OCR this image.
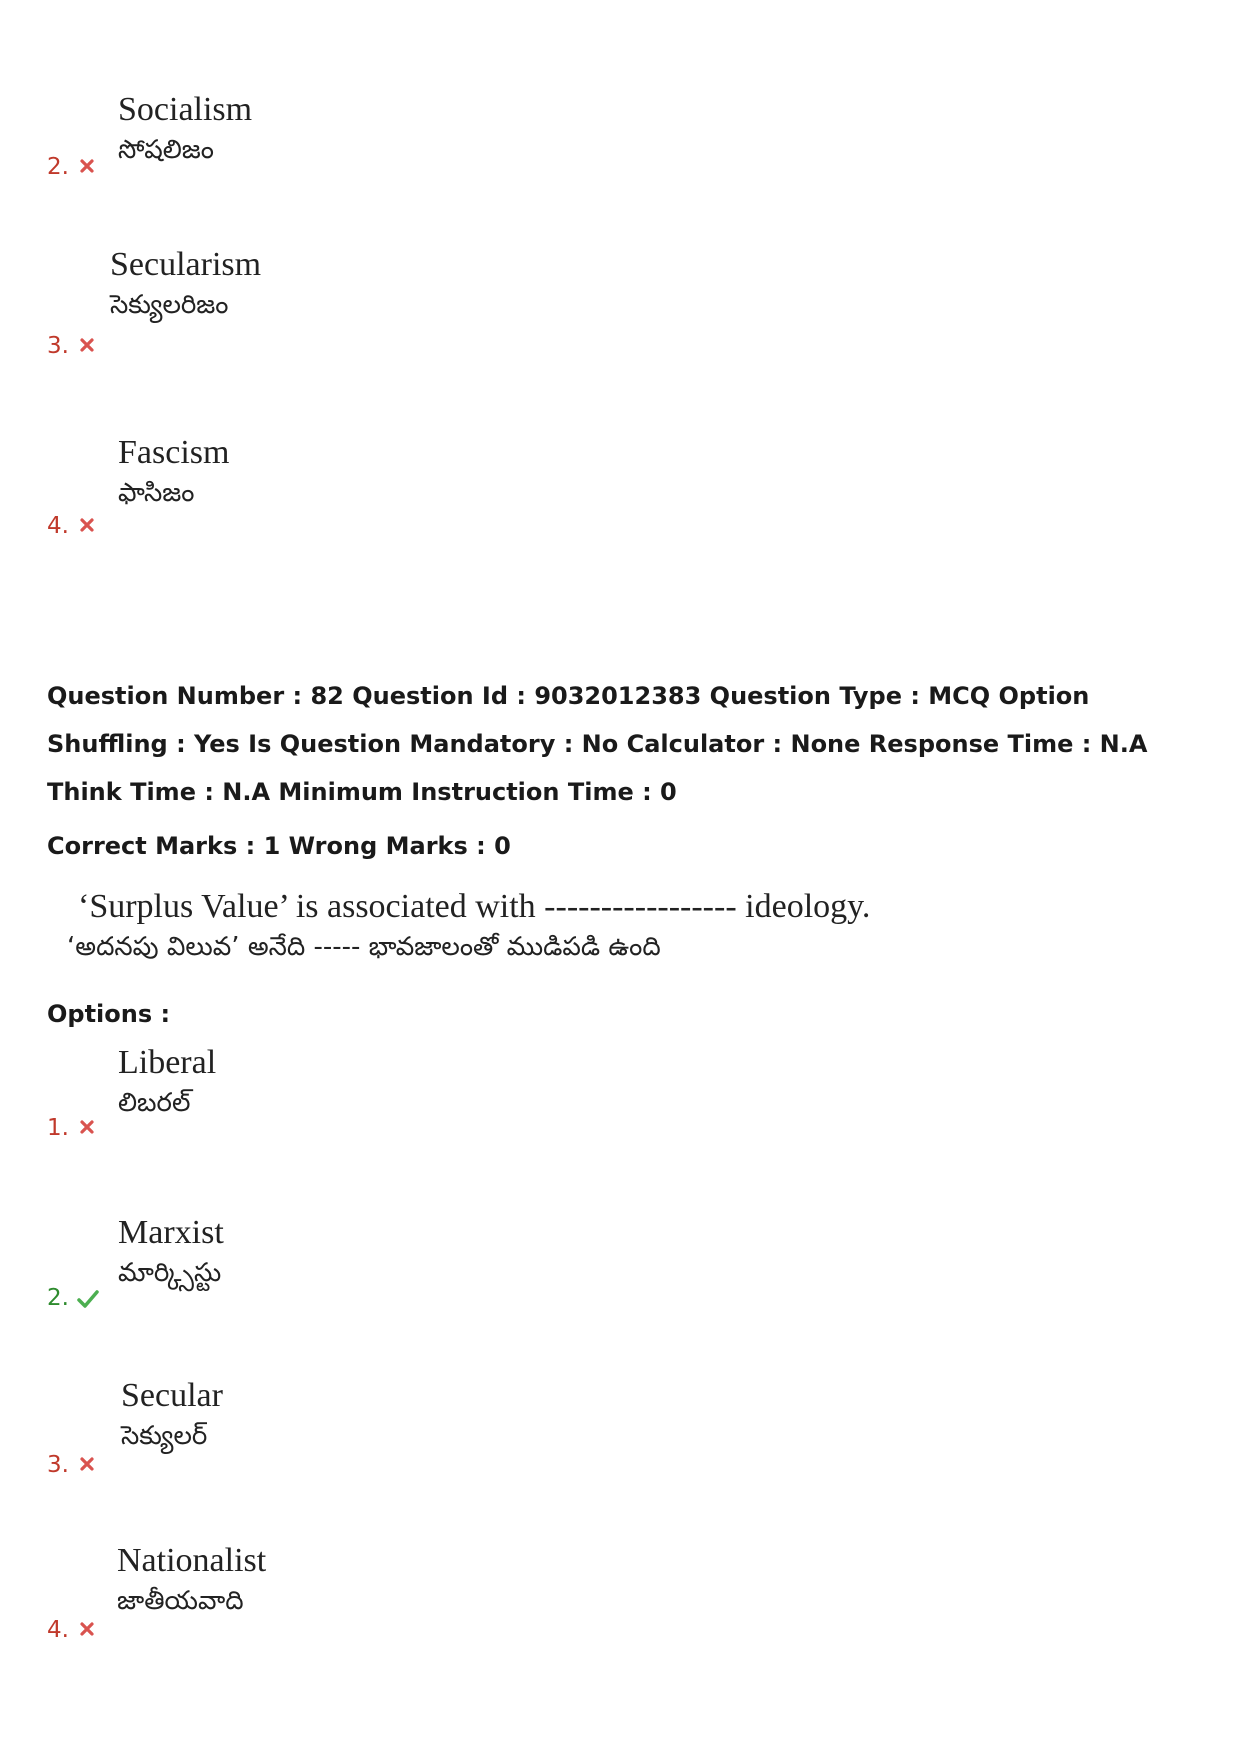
Socialism
సోషలిజం
2.
Secularism
సెక్యులరిజం
3.
Fascism
ఫాసిజం
4.
Question Number : 82 Question Id : 9032012383 Question Type : MCQ Option Shuffling : Yes Is Question Mandatory : No Calculator : None Response Time : N.A Think Time : N.A Minimum Instruction Time : 0
Correct Marks : 1 Wrong Marks : 0
‘Surplus Value’ is associated with ----------------- ideology.
‘అదనపు విలువ’ అనేది ----- భావజాలంతో ముడిపడి ఉంది
Options :
Liberal
లిబరల్
1.
Marxist
మార్క్సిస్టు
2.
Secular
సెక్యులర్
3.
Nationalist
జాతీయవాది
4.
